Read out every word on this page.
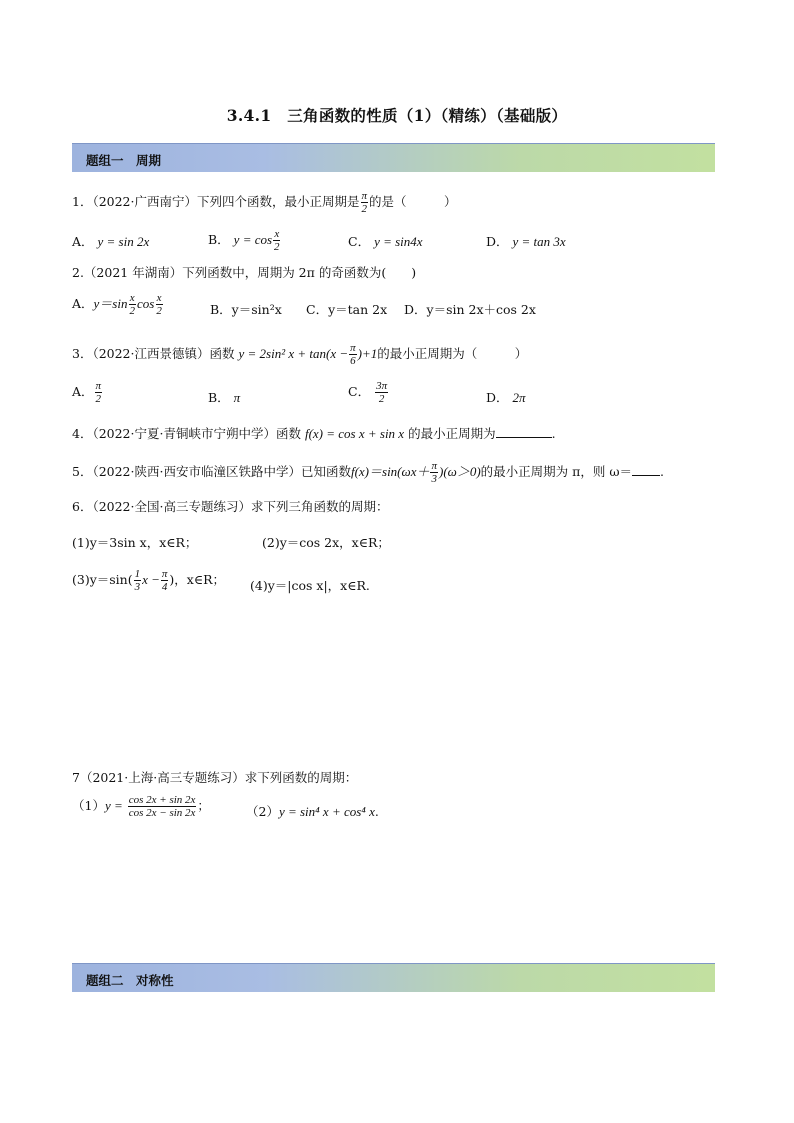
3.4.1　三角函数的性质（1）（精练）（基础版）
题组一　周期
1．（2022·广西南宁）下列四个函数，最小正周期是 $\frac{\pi}{2}$ 的是（　　　）
A． y = sin 2x	B． $y = \cos \frac{x}{2}$	C． y = sin4x	D． y = tan 3x
2.（2021 年湖南）下列函数中，周期为 2π 的奇函数为(　　)
A．$y=\sin \frac{x}{2}$ $\cos \frac{x}{2}$	B．y＝sin²x C．y＝tan 2x D．y＝sin 2x＋cos 2x
3．（2022·江西景德镇）函数 y = 2sin² $x + \tan(x - \frac{\pi}{6} )+1$的最小正周期为（　　　）
A． $\frac{\pi}{2}$	B． π	C． $\frac{3\pi}{2}$	D． 2π
4．（2022·宁夏·青铜峡市宁朔中学）函数 f(x) = cos x + sin x 的最小正周期为	.
5．（2022·陕西·西安市临潼区铁路中学）已知函数$f(x)=\sin(\omega x+ \frac{\pi}{3} )(\omega>0)$的最小正周期为 π，则 ω＝ .
6．（2022·全国·高三专题练习）求下列三角函数的周期：
(1)y＝3sin x，x∈R；	(2)y＝cos 2x，x∈R；
$(3)y=\sin( \frac{1}{3}$ $x - \frac{\pi}{4}$ )，x∈R； (4)y＝|cos x|，x∈R.
7（2021·上海·高三专题练习）求下列函数的周期：
$(1)y = \frac{\cos 2x + \sin 2x}{\cos 2x - \sin 2x}$ ；	（2）y = sin⁴ x + cos⁴ x.
题组二　对称性
